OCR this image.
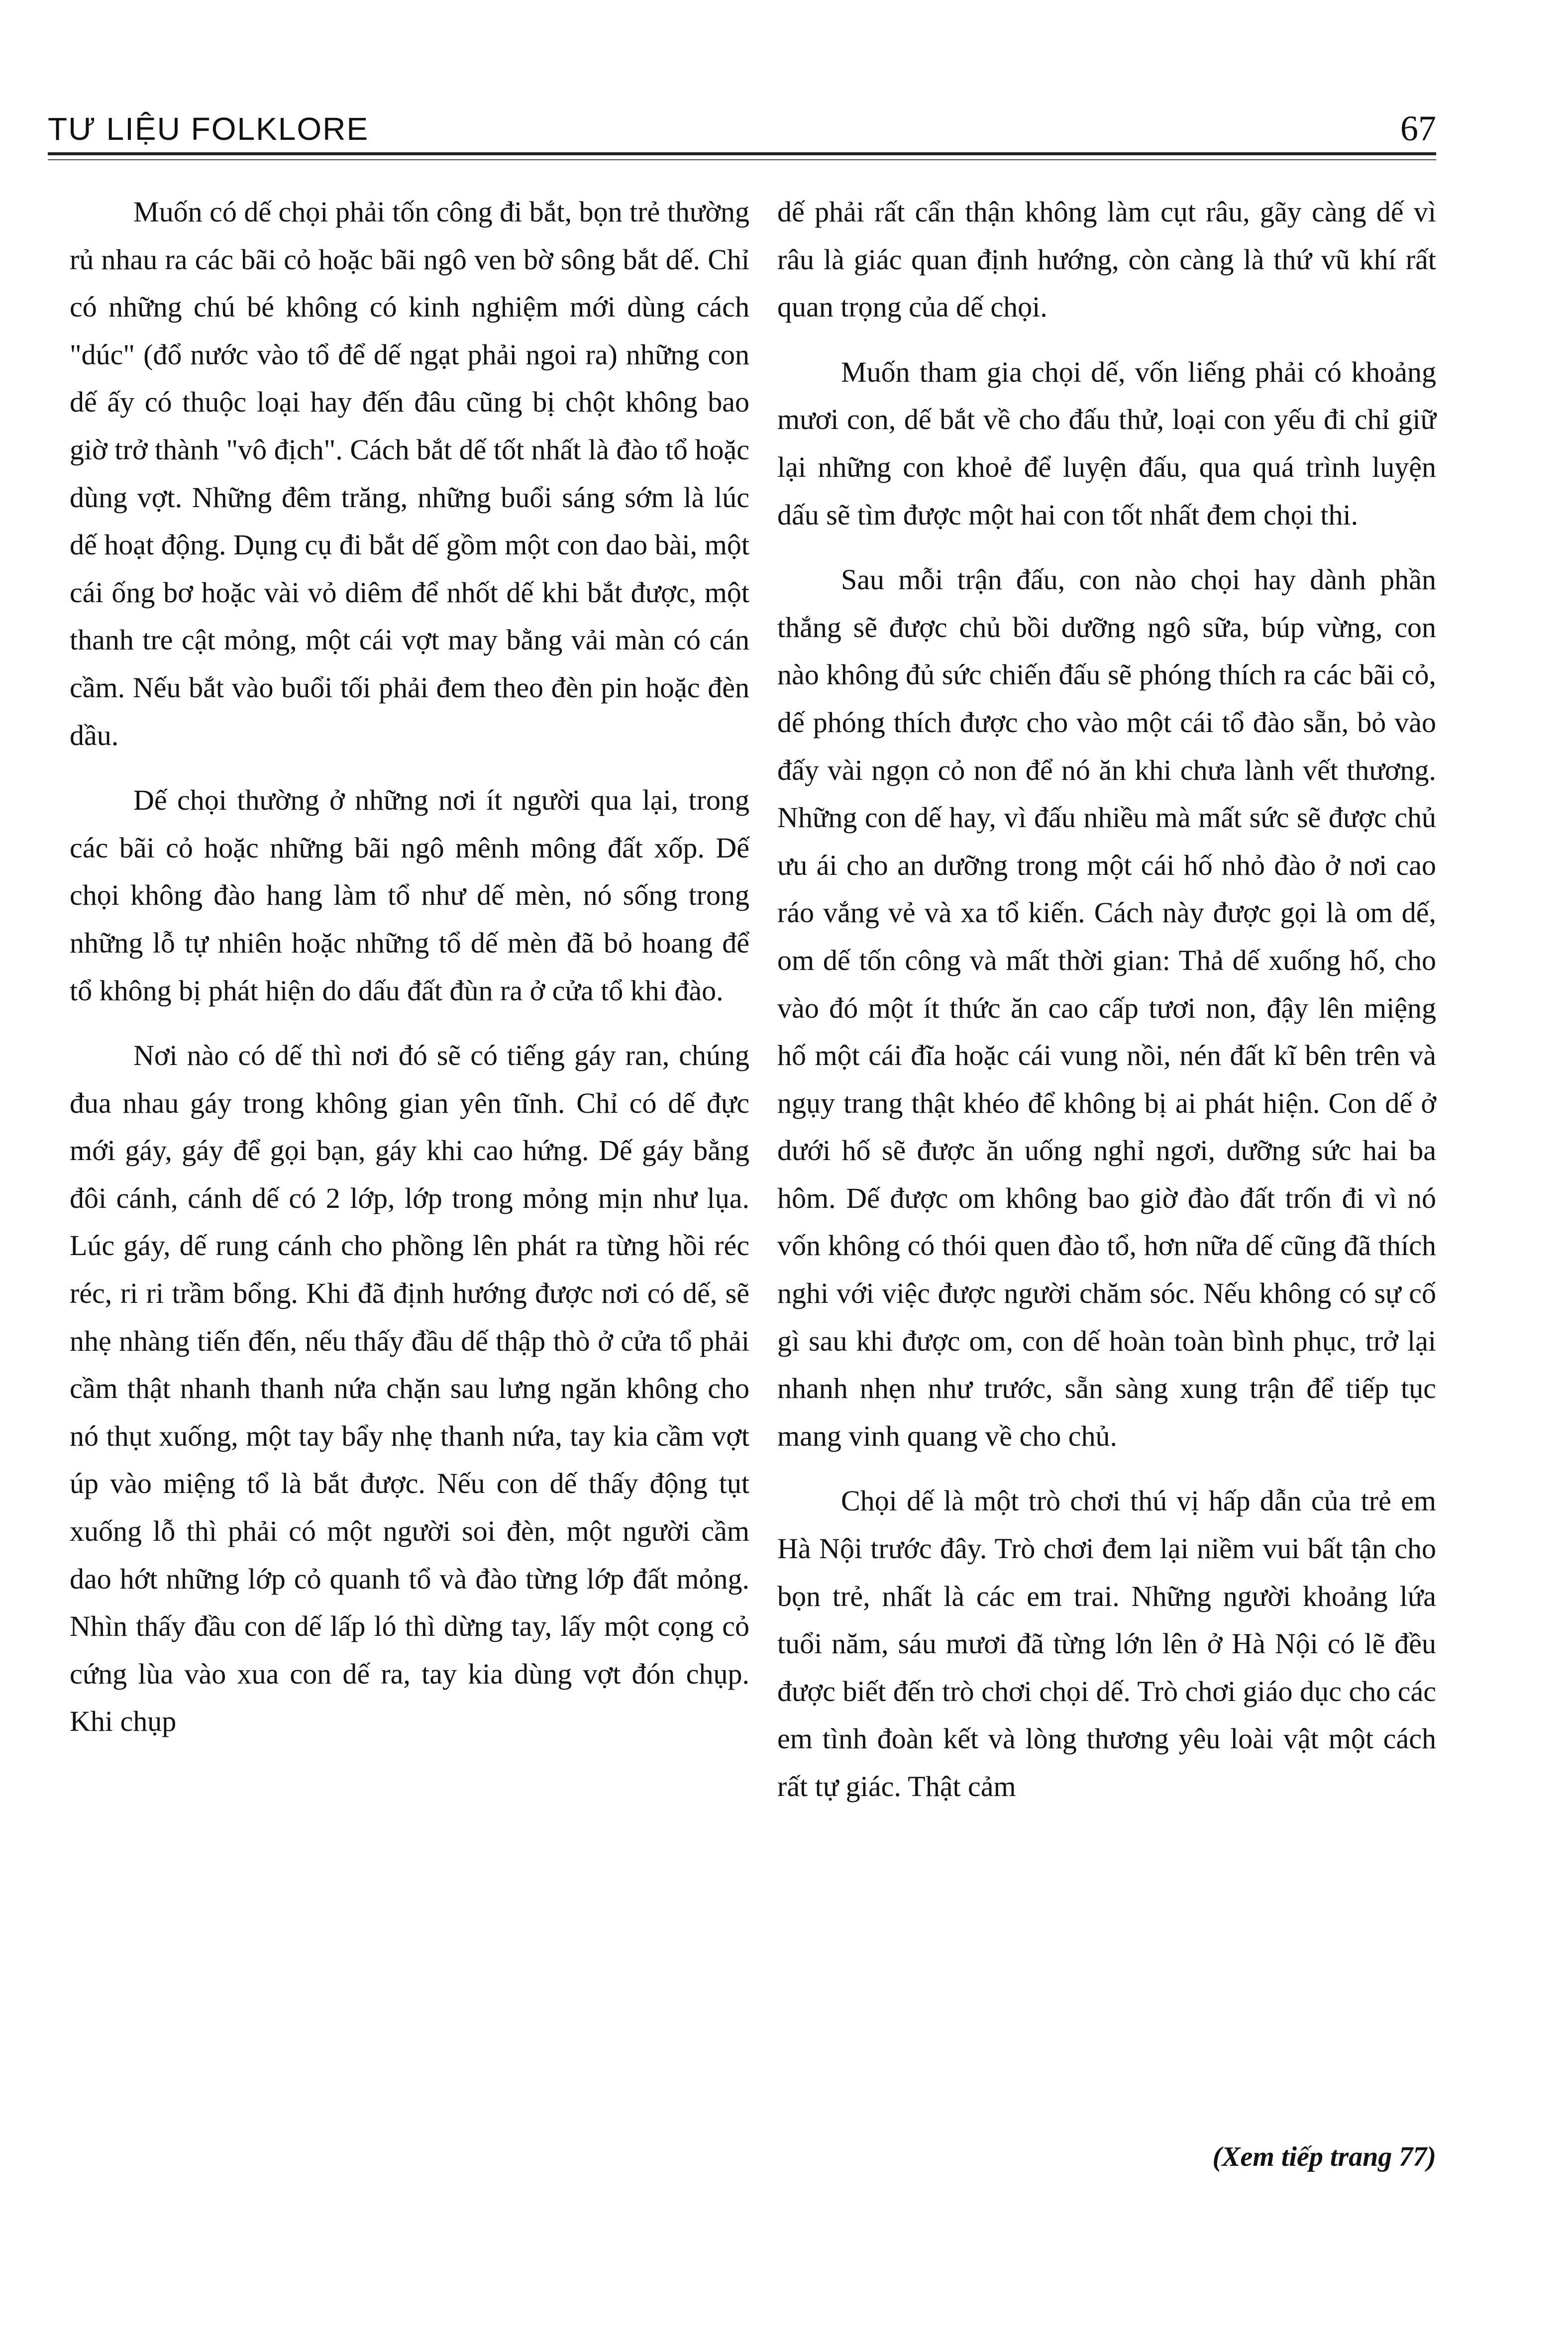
TƯ LIỆU FOLKLORE	67

Muốn có dế chọi phải tốn công đi bắt, bọn trẻ thường rủ nhau ra các bãi cỏ hoặc bãi ngô ven bờ sông bắt dế. Chỉ có những chú bé không có kinh nghiệm mới dùng cách "dúc" (đổ nước vào tổ để dế ngạt phải ngoi ra) những con dế ấy có thuộc loại hay đến đâu cũng bị chột không bao giờ trở thành "vô địch". Cách bắt dế tốt nhất là đào tổ hoặc dùng vợt. Những đêm trăng, những buổi sáng sớm là lúc dế hoạt động. Dụng cụ đi bắt dế gồm một con dao bài, một cái ống bơ hoặc vài vỏ diêm để nhốt dế khi bắt được, một thanh tre cật mỏng, một cái vợt may bằng vải màn có cán cầm. Nếu bắt vào buổi tối phải đem theo đèn pin hoặc đèn dầu.

Dế chọi thường ở những nơi ít người qua lại, trong các bãi cỏ hoặc những bãi ngô mênh mông đất xốp. Dế chọi không đào hang làm tổ như dế mèn, nó sống trong những lỗ tự nhiên hoặc những tổ dế mèn đã bỏ hoang để tổ không bị phát hiện do dấu đất đùn ra ở cửa tổ khi đào.

Nơi nào có dế thì nơi đó sẽ có tiếng gáy ran, chúng đua nhau gáy trong không gian yên tĩnh. Chỉ có dế đực mới gáy, gáy để gọi bạn, gáy khi cao hứng. Dế gáy bằng đôi cánh, cánh dế có 2 lớp, lớp trong mỏng mịn như lụa. Lúc gáy, dế rung cánh cho phồng lên phát ra từng hồi réc réc, ri ri trầm bổng. Khi đã định hướng được nơi có dế, sẽ nhẹ nhàng tiến đến, nếu thấy đầu dế thập thò ở cửa tổ phải cầm thật nhanh thanh nứa chặn sau lưng ngăn không cho nó thụt xuống, một tay bẩy nhẹ thanh nứa, tay kia cầm vợt úp vào miệng tổ là bắt được. Nếu con dế thấy động tụt xuống lỗ thì phải có một người soi đèn, một người cầm dao hớt những lớp cỏ quanh tổ và đào từng lớp đất mỏng. Nhìn thấy đầu con dế lấp ló thì dừng tay, lấy một cọng cỏ cứng lùa vào xua con dế ra, tay kia dùng vợt đón chụp. Khi chụp

dế phải rất cẩn thận không làm cụt râu, gãy càng dế vì râu là giác quan định hướng, còn càng là thứ vũ khí rất quan trọng của dế chọi.

Muốn tham gia chọi dế, vốn liếng phải có khoảng mươi con, dế bắt về cho đấu thử, loại con yếu đi chỉ giữ lại những con khoẻ để luyện đấu, qua quá trình luyện dấu sẽ tìm được một hai con tốt nhất đem chọi thi.

Sau mỗi trận đấu, con nào chọi hay dành phần thắng sẽ được chủ bồi dưỡng ngô sữa, búp vừng, con nào không đủ sức chiến đấu sẽ phóng thích ra các bãi cỏ, dế phóng thích được cho vào một cái tổ đào sẵn, bỏ vào đấy vài ngọn cỏ non để nó ăn khi chưa lành vết thương. Những con dế hay, vì đấu nhiều mà mất sức sẽ được chủ ưu ái cho an dưỡng trong một cái hố nhỏ đào ở nơi cao ráo vắng vẻ và xa tổ kiến. Cách này được gọi là om dế, om dế tốn công và mất thời gian: Thả dế xuống hố, cho vào đó một ít thức ăn cao cấp tươi non, đậy lên miệng hố một cái đĩa hoặc cái vung nồi, nén đất kĩ bên trên và ngụy trang thật khéo để không bị ai phát hiện. Con dế ở dưới hố sẽ được ăn uống nghỉ ngơi, dưỡng sức hai ba hôm. Dế được om không bao giờ đào đất trốn đi vì nó vốn không có thói quen đào tổ, hơn nữa dế cũng đã thích nghi với việc được người chăm sóc. Nếu không có sự cố gì sau khi được om, con dế hoàn toàn bình phục, trở lại nhanh nhẹn như trước, sẵn sàng xung trận để tiếp tục mang vinh quang về cho chủ.

Chọi dế là một trò chơi thú vị hấp dẫn của trẻ em Hà Nội trước đây. Trò chơi đem lại niềm vui bất tận cho bọn trẻ, nhất là các em trai. Những người khoảng lứa tuổi năm, sáu mươi đã từng lớn lên ở Hà Nội có lẽ đều được biết đến trò chơi chọi dế. Trò chơi giáo dục cho các em tình đoàn kết và lòng thương yêu loài vật một cách rất tự giác. Thật cảm

(Xem tiếp trang 77)
